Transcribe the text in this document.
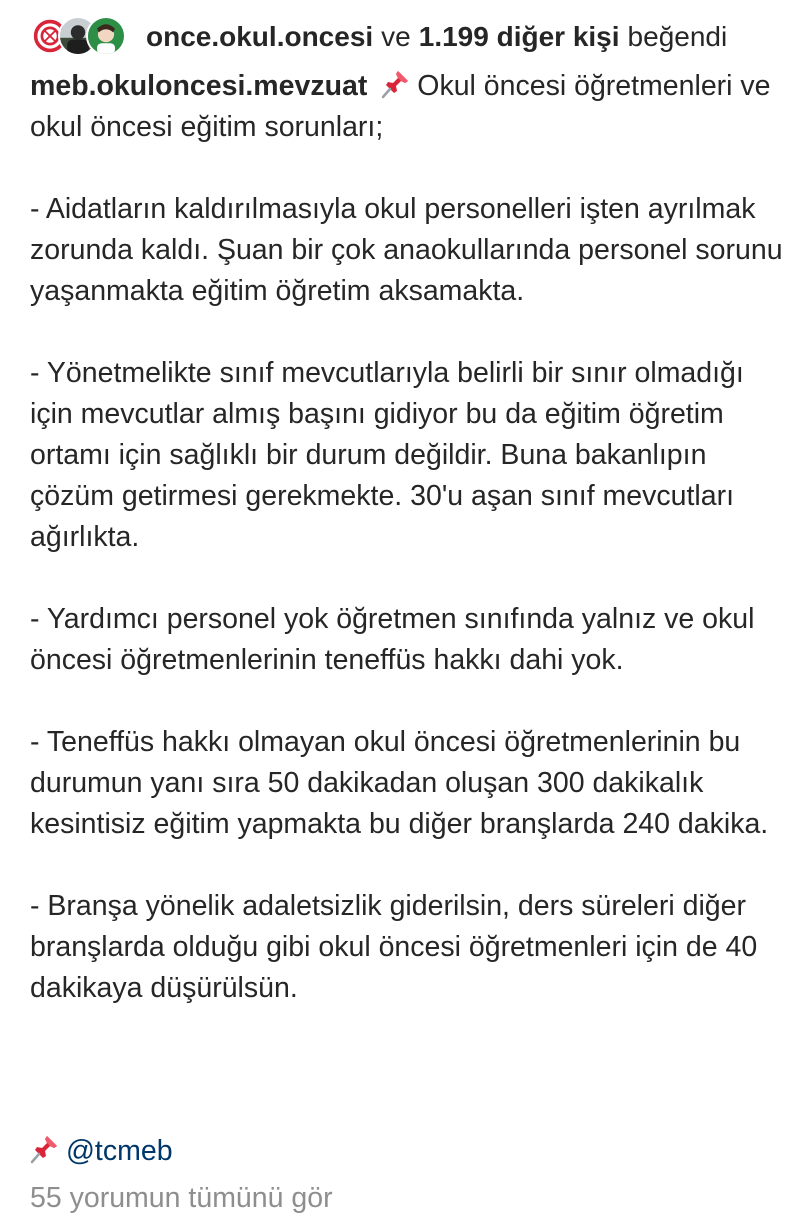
once.okul.oncesi ve 1.199 diğer kişi beğendi

meb.okuloncesi.mevzuat Okul öncesi öğretmenleri ve okul öncesi eğitim sorunları;

- Aidatların kaldırılmasıyla okul personelleri işten ayrılmak zorunda kaldı. Şuan bir çok anaokullarında personel sorunu yaşanmakta eğitim öğretim aksamakta.

- Yönetmelikte sınıf mevcutlarıyla belirli bir sınır olmadığı için mevcutlar almış başını gidiyor bu da eğitim öğretim ortamı için sağlıklı bir durum değildir. Buna bakanlıpın çözüm getirmesi gerekmekte. 30'u aşan sınıf mevcutları ağırlıkta.

- Yardımcı personel yok öğretmen sınıfında yalnız ve okul öncesi öğretmenlerinin teneffüs hakkı dahi yok.

- Teneffüs hakkı olmayan okul öncesi öğretmenlerinin bu durumun yanı sıra 50 dakikadan oluşan 300 dakikalık kesintisiz eğitim yapmakta bu diğer branşlarda 240 dakika.

- Branşa yönelik adaletsizlik giderilsin, ders süreleri diğer branşlarda olduğu gibi okul öncesi öğretmenleri için de 40 dakikaya düşürülsün.

@tcmeb
55 yorumun tümünü gör
